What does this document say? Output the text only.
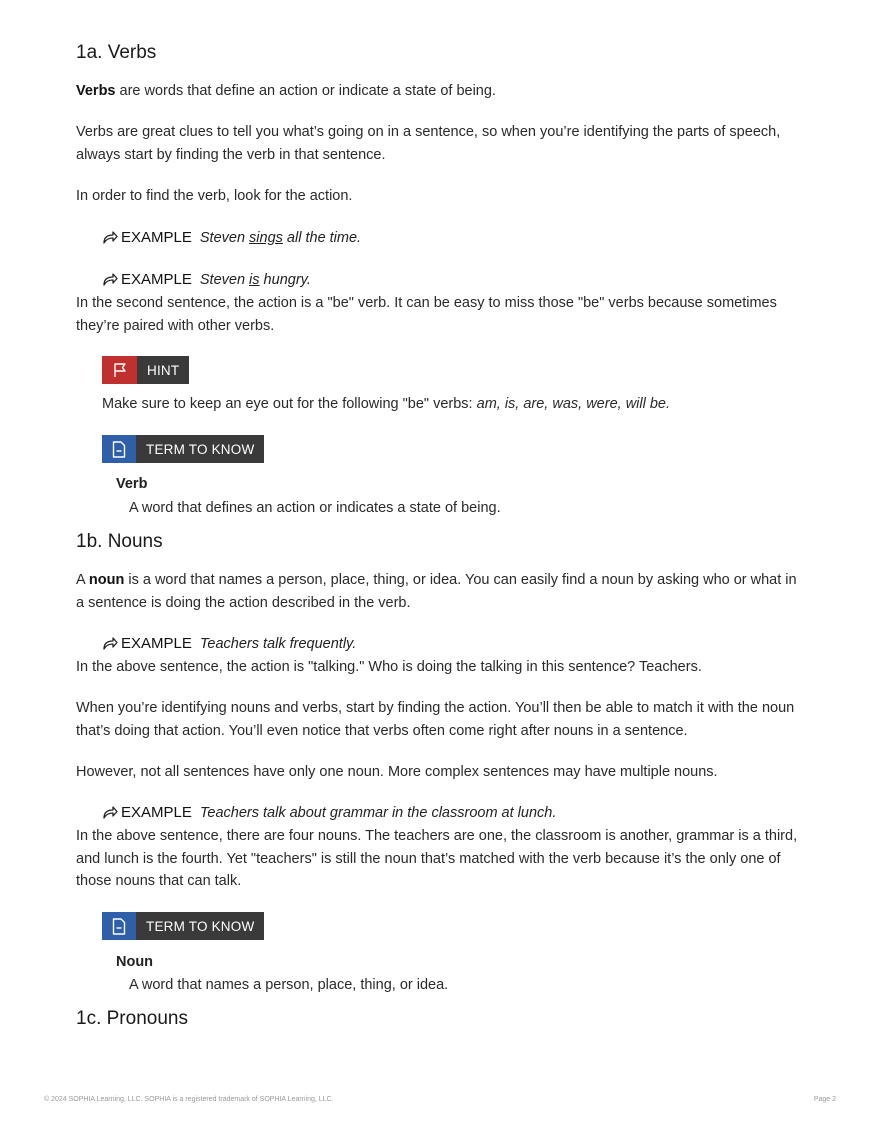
1a. Verbs

Verbs are words that define an action or indicate a state of being.

Verbs are great clues to tell you what’s going on in a sentence, so when you’re identifying the parts of speech, always start by finding the verb in that sentence.

In order to find the verb, look for the action.

EXAMPLE Steven sings all the time.
EXAMPLE Steven is hungry.

In the second sentence, the action is a "be" verb. It can be easy to miss those "be" verbs because sometimes they’re paired with other verbs.

HINT

Make sure to keep an eye out for the following "be" verbs: am, is, are, was, were, will be.

TERM TO KNOW
Verb
A word that defines an action or indicates a state of being.
1b. Nouns

A noun is a word that names a person, place, thing, or idea. You can easily find a noun by asking who or what in a sentence is doing the action described in the verb.

EXAMPLE Teachers talk frequently.

In the above sentence, the action is "talking." Who is doing the talking in this sentence? Teachers.

When you’re identifying nouns and verbs, start by finding the action. You’ll then be able to match it with the noun that’s doing that action. You’ll even notice that verbs often come right after nouns in a sentence.

However, not all sentences have only one noun. More complex sentences may have multiple nouns.

EXAMPLE Teachers talk about grammar in the classroom at lunch.

In the above sentence, there are four nouns. The teachers are one, the classroom is another, grammar is a third, and lunch is the fourth. Yet "teachers" is still the noun that’s matched with the verb because it’s the only one of those nouns that can talk.

TERM TO KNOW
Noun
A word that names a person, place, thing, or idea.
1c. Pronouns
© 2024 SOPHIA Learning, LLC. SOPHIA is a registered trademark of SOPHIA Learning, LLC.	Page 2
